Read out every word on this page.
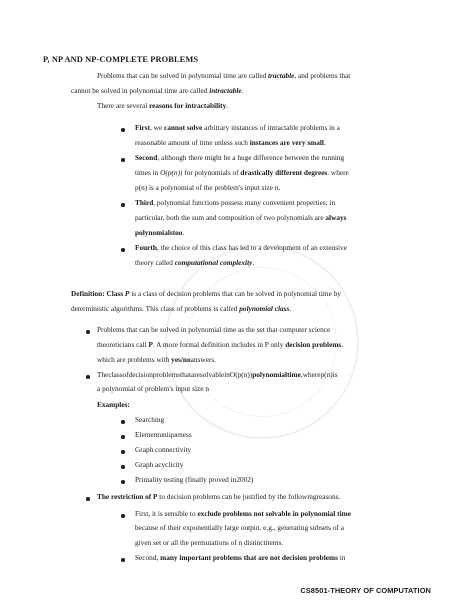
P, NP AND NP-COMPLETE PROBLEMS
Problems that can be solved in polynomial time are called tractable, and problems that
cannot be solved in polynomial time are called intractable.
There are several reasons for intractability.
First, we cannot solve arbitrary instances of intractable problems in a
reasonable amount of time unless such instances are very small.
Second, although there might be a huge difference between the running
times in O(p(n)) for polynomials of drastically different degrees. where
p(n) is a polynomial of the problem's input size n.
Third, polynomial functions possess many convenient properties; in
particular, both the sum and composition of two polynomials are always
polynomialstoo.
Fourth, the choice of this class has led to a development of an extensive
theory called computational complexity.
Definition: Class P is a class of decision problems that can be solved in polynomial time by
deterministic algorithms. This class of problems is called polynomial class.
Problems that can be solved in polynomial time as the set that computer science
theoreticians call P. A more formal definition includes in P only decision problems,
which are problems with yes/noanswers.
TheclassofdecisionproblemsthataresolvableinO(p(n))polynomialtime,wherep(n)is
a polynomial of problem's input size n
Examples:
Searching
Elementuniqueness
Graph connectivity
Graph acyclicity
Primality testing (finally proved in2002)
The restriction of P to decision problems can be justified by the followingreasons.
First, it is sensible to exclude problems not solvable in polynomial time
because of their exponentially large output. e.g., generating subsets of a
given set or all the permutations of n distinctitems.
Second, many important problems that are not decision problems in
CS8501-THEORY OF COMPUTATION
